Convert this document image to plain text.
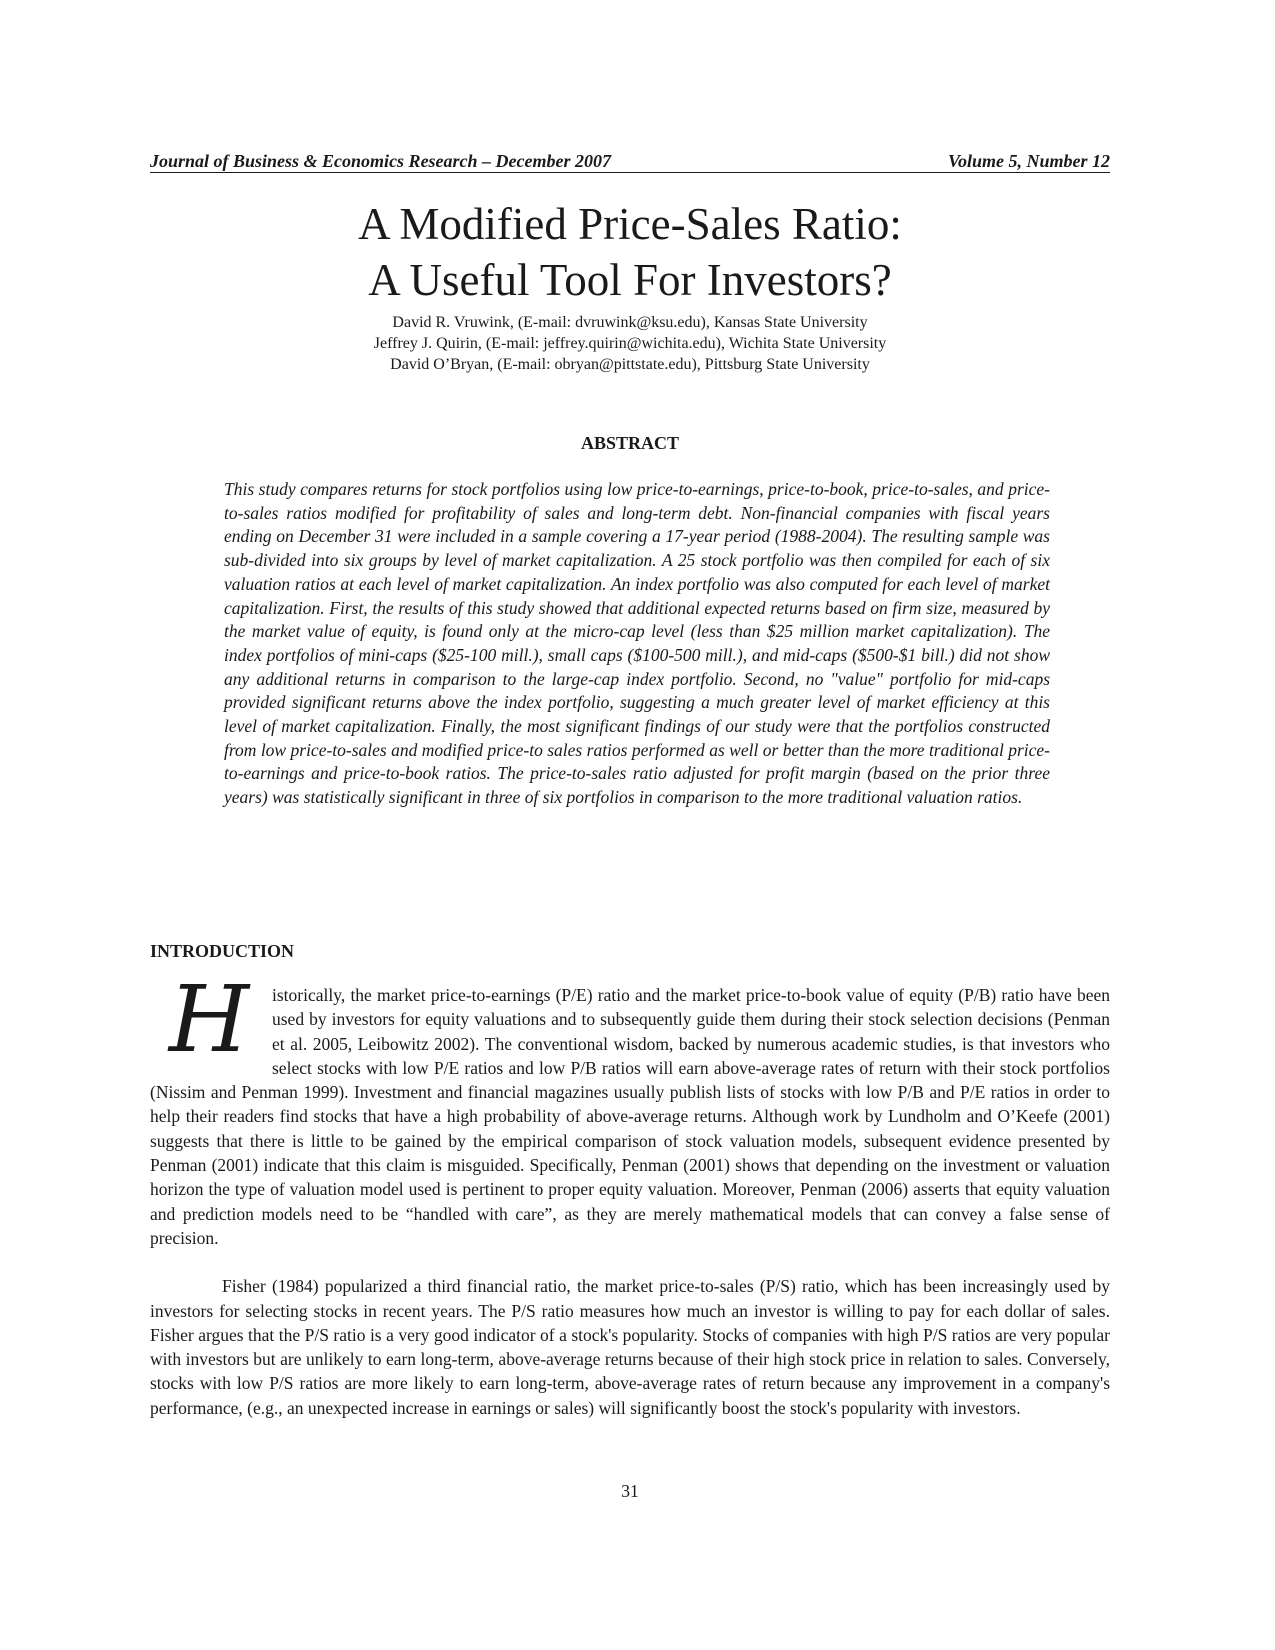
Journal of Business & Economics Research – December 2007	Volume 5, Number 12
A Modified Price-Sales Ratio:
A Useful Tool For Investors?
David R. Vruwink, (E-mail: dvruwink@ksu.edu), Kansas State University
Jeffrey J. Quirin, (E-mail: jeffrey.quirin@wichita.edu), Wichita State University
David O’Bryan, (E-mail: obryan@pittstate.edu), Pittsburg State University
ABSTRACT

This study compares returns for stock portfolios using low price-to-earnings, price-to-book, price-to-sales, and price-to-sales ratios modified for profitability of sales and long-term debt. Non-financial companies with fiscal years ending on December 31 were included in a sample covering a 17-year period (1988-2004). The resulting sample was sub-divided into six groups by level of market capitalization. A 25 stock portfolio was then compiled for each of six valuation ratios at each level of market capitalization. An index portfolio was also computed for each level of market capitalization. First, the results of this study showed that additional expected returns based on firm size, measured by the market value of equity, is found only at the micro-cap level (less than $25 million market capitalization). The index portfolios of mini-caps ($25-100 mill.), small caps ($100-500 mill.), and mid-caps ($500-$1 bill.) did not show any additional returns in comparison to the large-cap index portfolio. Second, no "value" portfolio for mid-caps provided significant returns above the index portfolio, suggesting a much greater level of market efficiency at this level of market capitalization. Finally, the most significant findings of our study were that the portfolios constructed from low price-to-sales and modified price-to sales ratios performed as well or better than the more traditional price-to-earnings and price-to-book ratios. The price-to-sales ratio adjusted for profit margin (based on the prior three years) was statistically significant in three of six portfolios in comparison to the more traditional valuation ratios.

INTRODUCTION

H	istorically, the market price-to-earnings (P/E) ratio and the market price-to-book value of equity (P/B) ratio have been used by investors for equity valuations and to subsequently guide them during their stock selection decisions (Penman et al. 2005, Leibowitz 2002). The conventional wisdom, backed by numerous academic studies, is that investors who select stocks with low P/E ratios and low P/B ratios will earn above-average rates of return with their stock portfolios (Nissim and Penman 1999). Investment and financial magazines usually publish lists of stocks with low P/B and P/E ratios in order to help their readers find stocks that have a high probability of above-average returns. Although work by Lundholm and O’Keefe (2001) suggests that there is little to be gained by the empirical comparison of stock valuation models, subsequent evidence presented by Penman (2001) indicate that this claim is misguided. Specifically, Penman (2001) shows that depending on the investment or valuation horizon the type of valuation model used is pertinent to proper equity valuation. Moreover, Penman (2006) asserts that equity valuation and prediction models need to be “handled with care”, as they are merely mathematical models that can convey a false sense of precision.

Fisher (1984) popularized a third financial ratio, the market price-to-sales (P/S) ratio, which has been increasingly used by investors for selecting stocks in recent years. The P/S ratio measures how much an investor is willing to pay for each dollar of sales. Fisher argues that the P/S ratio is a very good indicator of a stock's popularity. Stocks of companies with high P/S ratios are very popular with investors but are unlikely to earn long-term, above-average returns because of their high stock price in relation to sales. Conversely, stocks with low P/S ratios are more likely to earn long-term, above-average rates of return because any improvement in a company's performance, (e.g., an unexpected increase in earnings or sales) will significantly boost the stock's popularity with investors.

31
